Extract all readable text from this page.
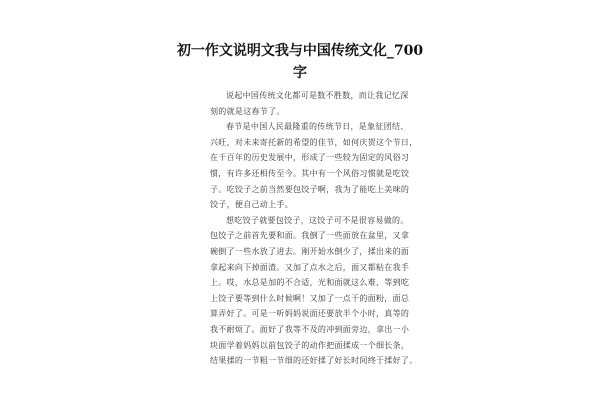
初一作文说明文我与中国传统文化_700
字
说起中国传统文化都可是数不胜数，而让我记忆深
刻的就是这春节了。
春节是中国人民最隆重的传统节日，是象征团结、
兴旺，对未来寄托新的希望的佳节，如何庆贺这个节日，
在千百年的历史发展中，形成了一些较为固定的风俗习
惯，有许多还相传至今。其中有一个风俗习惯就是吃饺
子。吃饺子之前当然要包饺子啊，我为了能吃上美味的
饺子，便自己动上手。
想吃饺子就要包饺子，这饺子可不是很容易做的。
包饺子之前首先要和面。我倒了一些面放在盆里，又拿
碗倒了一些水放了进去。刚开始水倒少了，揉出来的面
拿起来向下掉面渣。又加了点水之后，面又都粘在我手
上。哎，水总是加的不合适，光和面就这么难，等到吃
上饺子要等到什么时候啊！又加了一点干的面粉，面总
算弄好了。可是一听妈妈说面还要放半个小时，真等的
我不耐烦了。面好了我等不及的冲到面旁边，拿出一小
块面学着妈妈以前包饺子的动作把面揉成一个细长条，
结果揉的一节粗一节细的还好揉了好长时间终于揉好了。
